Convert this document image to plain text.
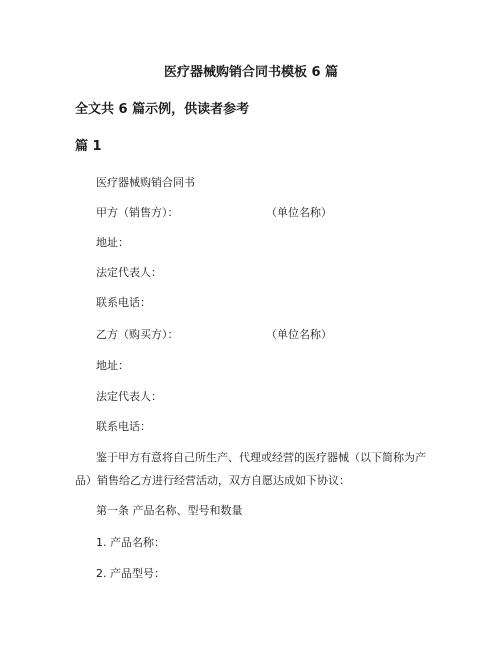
医疗器械购销合同书模板 6 篇
全文共 6 篇示例，供读者参考
篇 1
医疗器械购销合同书
甲方（销售方）：	（单位名称）
地址：
法定代表人：
联系电话：
乙方（购买方）：	（单位名称）
地址：
法定代表人：
联系电话：
鉴于甲方有意将自己所生产、代理或经营的医疗器械（以下简称为产品）销售给乙方进行经营活动，双方自愿达成如下协议：
第一条 产品名称、型号和数量
1. 产品名称：
2. 产品型号：
